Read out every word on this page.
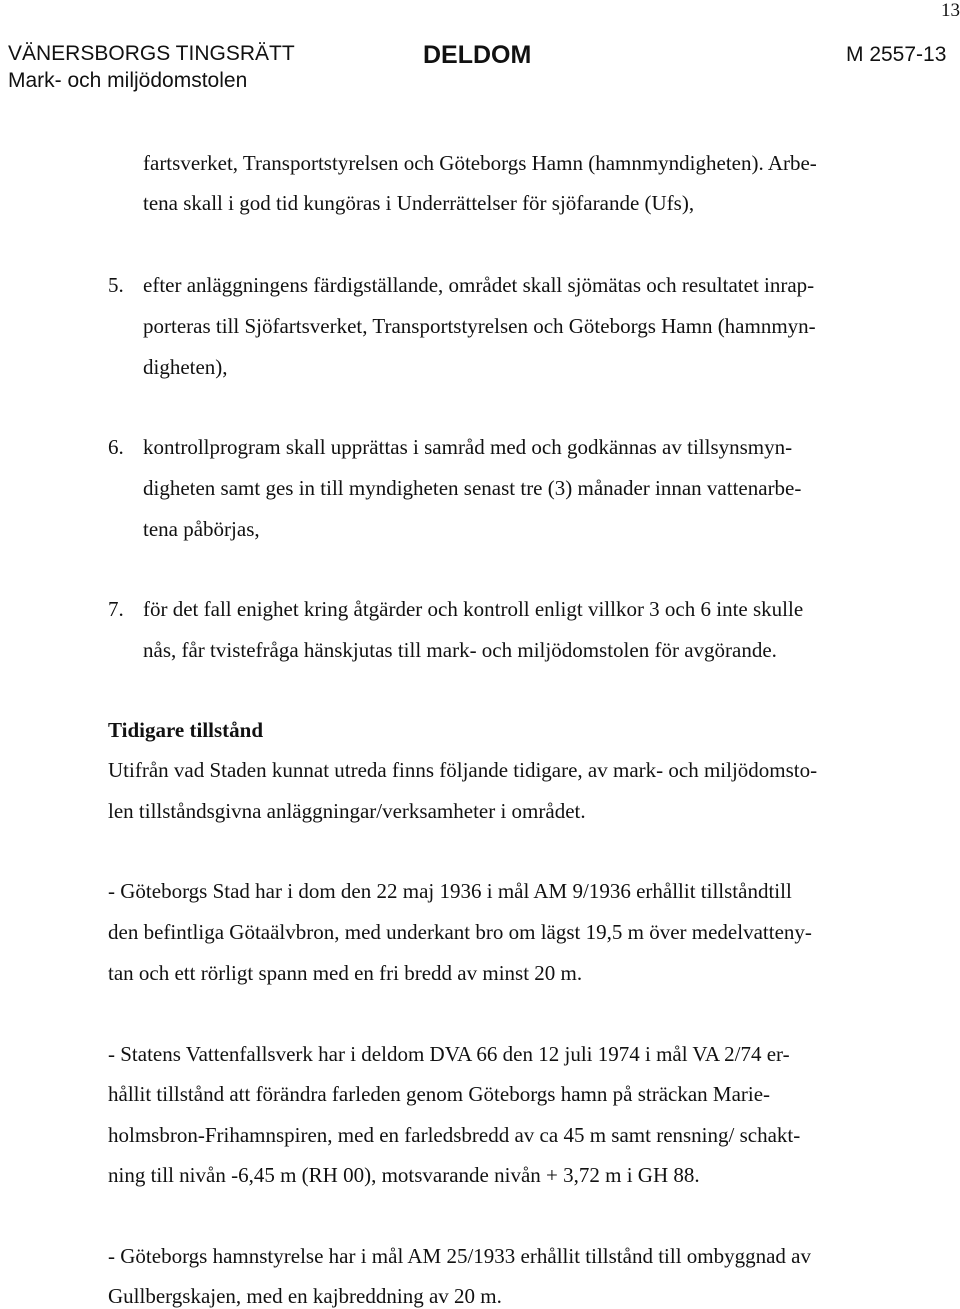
13
VÄNERSBORGS TINGSRÄTT
Mark- och miljödomstolen
DELDOM	M 2557-13
fartsverket, Transportstyrelsen och Göteborgs Hamn (hamnmyndigheten). Arbe-
tena skall i god tid kungöras i Underrättelser för sjöfarande (Ufs),
5. efter anläggningens färdigställande, området skall sjömätas och resultatet inrap-
porteras till Sjöfartsverket, Transportstyrelsen och Göteborgs Hamn (hamnmyn-
digheten),
6. kontrollprogram skall upprättas i samråd med och godkännas av tillsynsmyn-
digheten samt ges in till myndigheten senast tre (3) månader innan vattenarbe-
tena påbörjas,
7. för det fall enighet kring åtgärder och kontroll enligt villkor 3 och 6 inte skulle
nås, får tvistefråga hänskjutas till mark- och miljödomstolen för avgörande.
Tidigare tillstånd
Utifrån vad Staden kunnat utreda finns följande tidigare, av mark- och miljödomsto-
len tillståndsgivna anläggningar/verksamheter i området.
- Göteborgs Stad har i dom den 22 maj 1936 i mål AM 9/1936 erhållit tillståndtill
den befintliga Götaälvbron, med underkant bro om lägst 19,5 m över medelvatteny-
tan och ett rörligt spann med en fri bredd av minst 20 m.
- Statens Vattenfallsverk har i deldom DVA 66 den 12 juli 1974 i mål VA 2/74 er-
hållit tillstånd att förändra farleden genom Göteborgs hamn på sträckan Marie-
holmsbron-Frihamnspiren, med en farledsbredd av ca 45 m samt rensning/ schakt-
ning till nivån -6,45 m (RH 00), motsvarande nivån + 3,72 m i GH 88.
- Göteborgs hamnstyrelse har i mål AM 25/1933 erhållit tillstånd till ombyggnad av
Gullbergskajen, med en kajbreddning av 20 m.
